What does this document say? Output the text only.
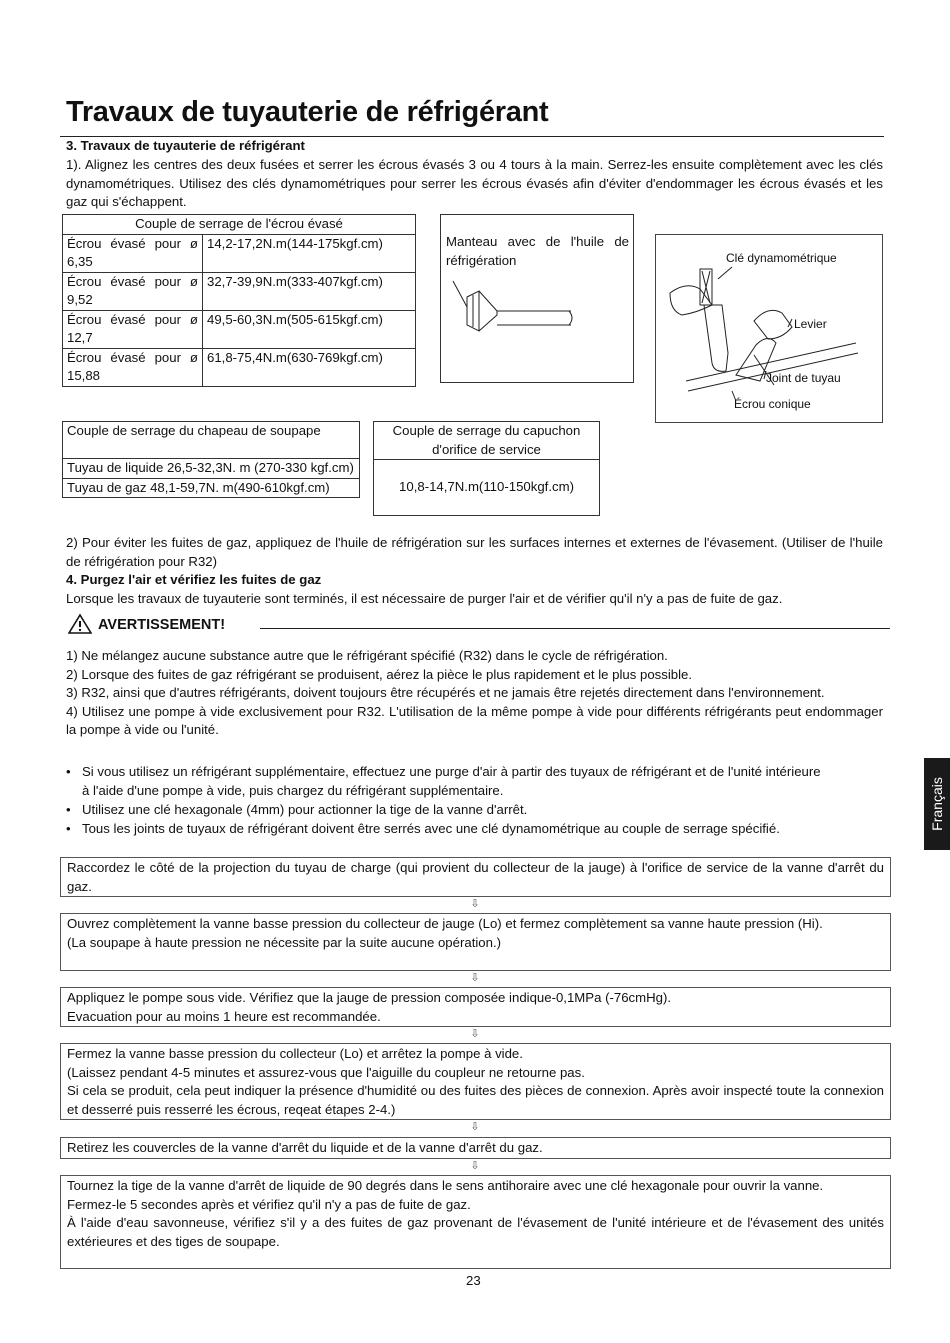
Travaux de tuyauterie de réfrigérant
3. Travaux de tuyauterie de réfrigérant
1). Alignez les centres des deux fusées et serrer les écrous évasés 3 ou 4 tours à la main. Serrez-les ensuite complètement avec les clés dynamométriques. Utilisez des clés dynamométriques pour serrer les écrous évasés afin d'éviter d'endommager les écrous évasés et les gaz qui s'échappent.
Couple de serrage de l'écrou évasé	
Écrou évasé pour ø 6,35	14,2-17,2N.m(144-175kgf.cm)
Écrou évasé pour ø 9,52	32,7-39,9N.m(333-407kgf.cm)
Écrou évasé pour ø 12,7	49,5-60,3N.m(505-615kgf.cm)
Écrou évasé pour ø 15,88	61,8-75,4N.m(630-769kgf.cm)
Manteau avec de l'huile de réfrigération	Clé dynamométrique
Levier
Joint de tuyau
Écrou conique
Couple de serrage du chapeau de soupape
Tuyau de liquide 26,5-32,3N. m (270-330 kgf.cm)
Tuyau de gaz 48,1-59,7N. m(490-610kgf.cm)
Couple de serrage du capuchon d'orifice de service
10,8-14,7N.m(110-150kgf.cm)
2) Pour éviter les fuites de gaz, appliquez de l'huile de réfrigération sur les surfaces internes et externes de l'évasement. (Utiliser de l'huile de réfrigération pour R32)
4. Purgez l'air et vérifiez les fuites de gaz
Lorsque les travaux de tuyauterie sont terminés, il est nécessaire de purger l'air et de vérifier qu'il n'y a pas de fuite de gaz.
AVERTISSEMENT!
1) Ne mélangez aucune substance autre que le réfrigérant spécifié (R32) dans le cycle de réfrigération.
2) Lorsque des fuites de gaz réfrigérant se produisent, aérez la pièce le plus rapidement et le plus possible.
3) R32, ainsi que d'autres réfrigérants, doivent toujours être récupérés et ne jamais être rejetés directement dans l'environnement.
4) Utilisez une pompe à vide exclusivement pour R32. L'utilisation de la même pompe à vide pour différents réfrigérants peut endommager la pompe à vide ou l'unité.
• Si vous utilisez un réfrigérant supplémentaire, effectuez une purge d'air à partir des tuyaux de réfrigérant et de l'unité intérieure
à l'aide d'une pompe à vide, puis chargez du réfrigérant supplémentaire.
• Utilisez une clé hexagonale (4mm) pour actionner la tige de la vanne d'arrêt.
• Tous les joints de tuyaux de réfrigérant doivent être serrés avec une clé dynamométrique au couple de serrage spécifié.
Raccordez le côté de la projection du tuyau de charge (qui provient du collecteur de la jauge) à l'orifice de service de la vanne d'arrêt du gaz.
⇩
Ouvrez complètement la vanne basse pression du collecteur de jauge (Lo) et fermez complètement sa vanne haute pression (Hi).
(La soupape à haute pression ne nécessite par la suite aucune opération.)
⇩
Appliquez le pompe sous vide. Vérifiez que la jauge de pression composée indique-0,1MPa (-76cmHg).
Evacuation pour au moins 1 heure est recommandée.
⇩
Fermez la vanne basse pression du collecteur (Lo) et arrêtez la pompe à vide.
(Laissez pendant 4-5 minutes et assurez-vous que l'aiguille du coupleur ne retourne pas.
Si cela se produit, cela peut indiquer la présence d'humidité ou des fuites des pièces de connexion. Après avoir inspecté toute la connexion et desserré puis resserré les écrous, reqeat étapes 2-4.)
⇩
Retirez les couvercles de la vanne d'arrêt du liquide et de la vanne d'arrêt du gaz.
⇩
Tournez la tige de la vanne d'arrêt de liquide de 90 degrés dans le sens antihoraire avec une clé hexagonale pour ouvrir la vanne.
Fermez-le 5 secondes après et vérifiez qu'il n'y a pas de fuite de gaz.
À l'aide d'eau savonneuse, vérifiez s'il y a des fuites de gaz provenant de l'évasement de l'unité intérieure et de l'évasement des unités extérieures et des tiges de soupape.
23
Français
